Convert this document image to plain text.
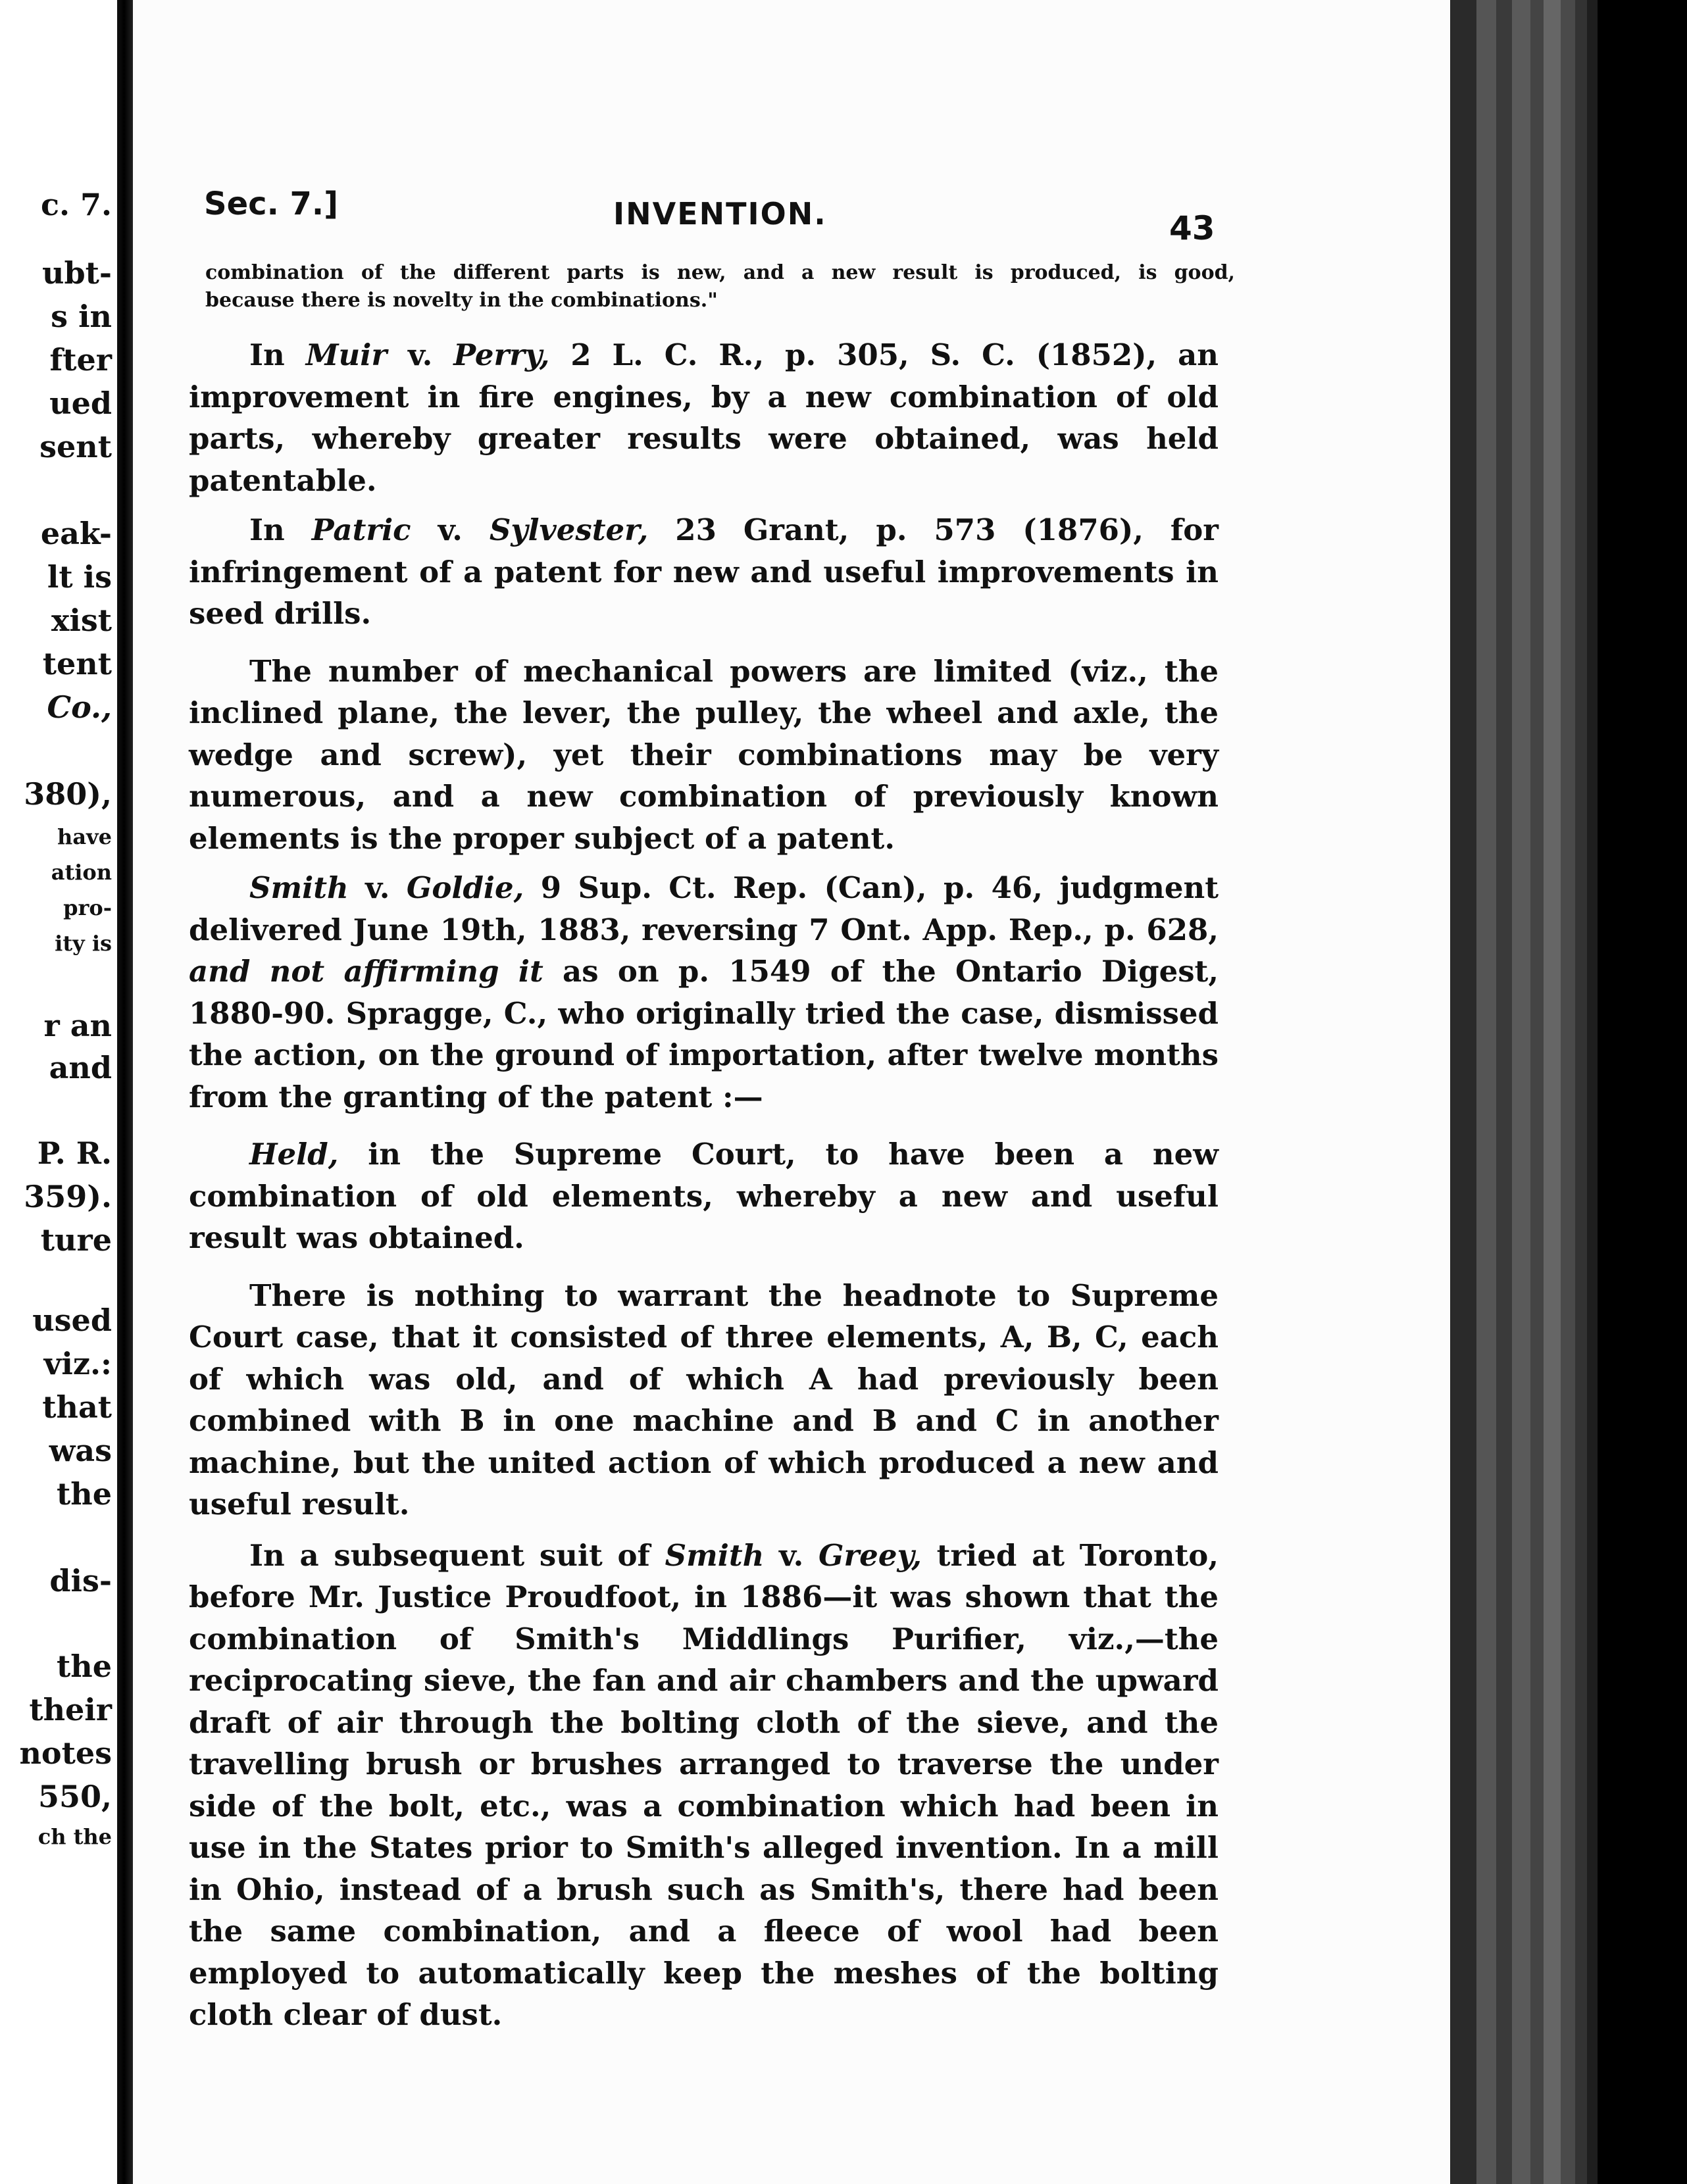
c. 7.
ubt-
s in
fter
ued
sent
eak-
lt is
xist
tent
Co.,
380),
have
ation
pro-
ity is
r an
and
P. R.
359).
ture
used
viz.:
that
was
the
dis-
the
their
notes
550,
ch the
Sec. 7.]	INVENTION.	43
combination of the different parts is new, and a new result is produced, is good,
because there is novelty in the combinations."

In Muir v. Perry, 2 L. C. R., p. 305, S. C. (1852), an improvement in fire engines, by a new combination of old parts, whereby greater results were obtained, was held patentable.

In Patric v. Sylvester, 23 Grant, p. 573 (1876), for infringement of a patent for new and useful improvements in seed drills.

The number of mechanical powers are limited (viz., the inclined plane, the lever, the pulley, the wheel and axle, the wedge and screw), yet their combinations may be very numerous, and a new combination of previously known elements is the proper subject of a patent.

Smith v. Goldie, 9 Sup. Ct. Rep. (Can), p. 46, judgment delivered June 19th, 1883, reversing 7 Ont. App. Rep., p. 628, and not affirming it as on p. 1549 of the Ontario Digest, 1880-90. Spragge, C., who originally tried the case, dismissed the action, on the ground of importation, after twelve months from the granting of the patent :—

Held, in the Supreme Court, to have been a new combination of old elements, whereby a new and useful result was obtained.

There is nothing to warrant the headnote to Supreme Court case, that it consisted of three elements, A, B, C, each of which was old, and of which A had previously been combined with B in one machine and B and C in another machine, but the united action of which produced a new and useful result.

In a subsequent suit of Smith v. Greey, tried at Toronto, before Mr. Justice Proudfoot, in 1886—it was shown that the combination of Smith's Middlings Purifier, viz.,—the reciprocating sieve, the fan and air chambers and the upward draft of air through the bolting cloth of the sieve, and the travelling brush or brushes arranged to traverse the under side of the bolt, etc., was a combination which had been in use in the States prior to Smith's alleged invention. In a mill in Ohio, instead of a brush such as Smith's, there had been the same combination, and a fleece of wool had been employed to automatically keep the meshes of the bolting cloth clear of dust.
